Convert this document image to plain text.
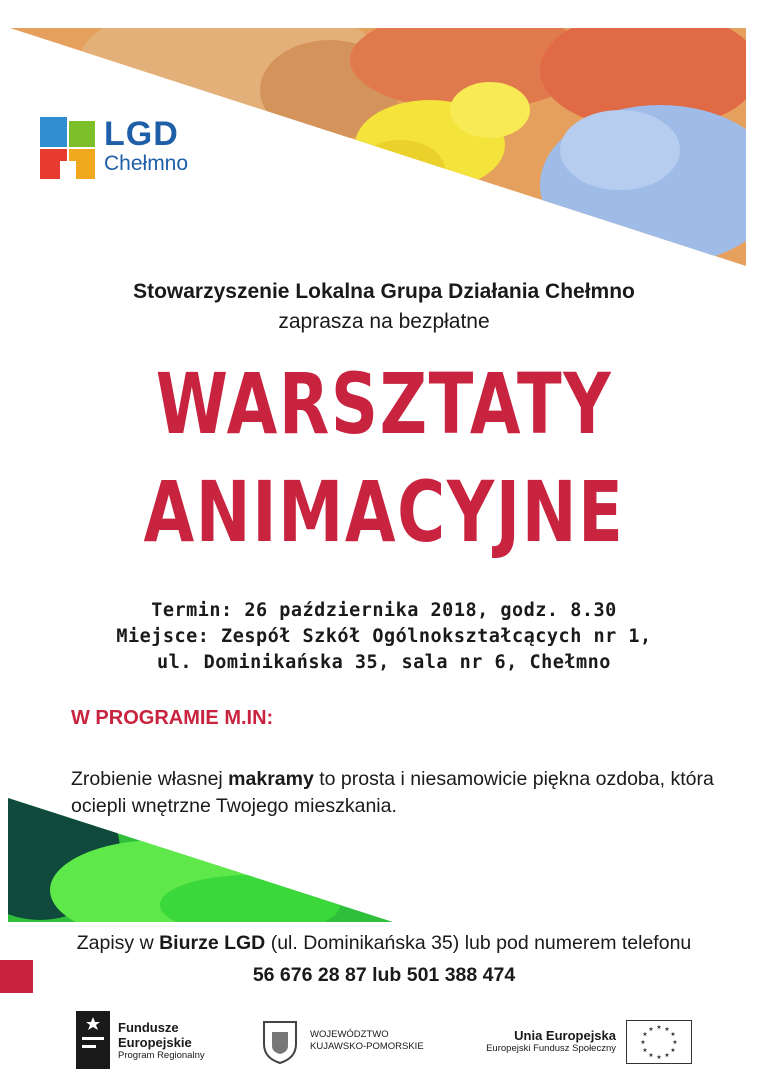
LGD
Chełmno
Stowarzyszenie Lokalna Grupa Działania Chełmno
zaprasza na bezpłatne
WARSZTATY
ANIMACYJNE
Termin: 26 października 2018, godz. 8.30
Miejsce: Zespół Szkół Ogólnokształcących nr 1,
ul. Dominikańska 35, sala nr 6, Chełmno
W PROGRAMIE M.IN:
Zrobienie własnej makramy to prosta i niesamowicie piękna ozdoba, która ociepli wnętrzne Twojego mieszkania.
Zapisy w Biurze LGD (ul. Dominikańska 35) lub pod numerem telefonu
56 676 28 87 lub 501 388 474
Fundusze
Europejskie
Program Regionalny
WOJEWÓDZTWO
KUJAWSKO-POMORSKIE
Unia Europejska
Europejski Fundusz Społeczny
★ ★
★
★
★
★
★
★
★
★
★
★
